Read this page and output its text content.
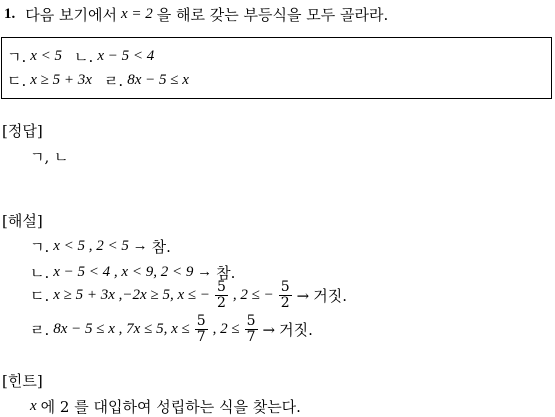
1. 다음 보기에서 x = 2 을 해로 갖는 부등식을 모두 골라라.
ㄱ. x < 5 ㄴ. x − 5 < 4
ㄷ. x ≥ 5 + 3x ㄹ. 8x − 5 ≤ x
[정답]
ㄱ, ㄴ
[해설]
ㄱ. x < 5 , 2 < 5 → 참.
ㄴ. x − 5 < 4 , x < 9, 2 < 9 → 참.
ㄷ. x ≥ 5 + 3x ,−2x ≥ 5, x ≤ − $\frac{5}{2}$ , 2 ≤ − $\frac{5}{2}$ → 거짓.
ㄹ. 8x − 5 ≤ x , 7x ≤ 5, $x \le \frac{5}{7}$ , $2 \le \frac{5}{7}$ → 거짓.
[힌트]
x 에 2 를 대입하여 성립하는 식을 찾는다.
